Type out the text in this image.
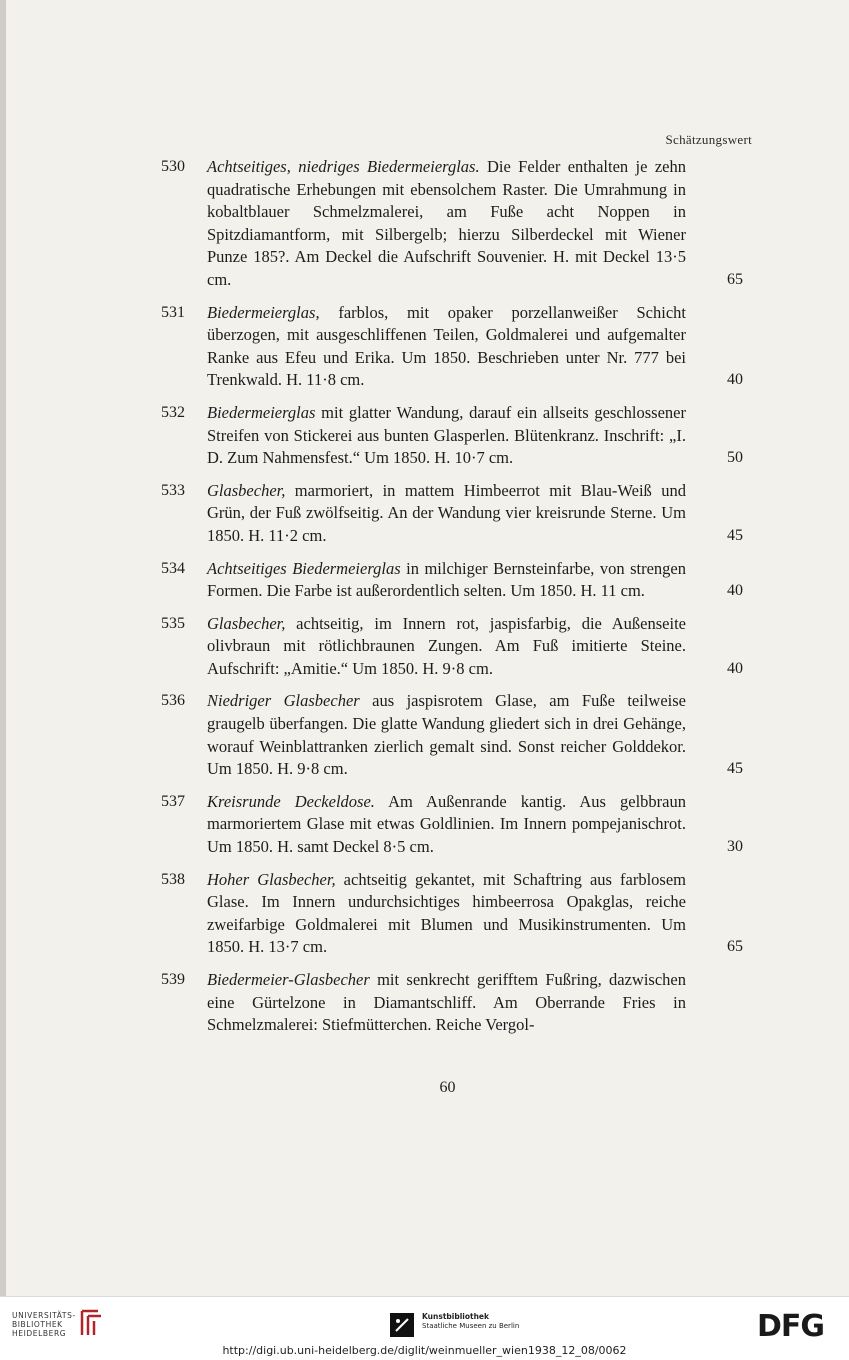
Schätzungswert
530 Achtseitiges, niedriges Biedermeierglas. Die Felder enthalten je zehn quadratische Erhebungen mit ebensolchem Raster. Die Umrahmung in kobaltblauer Schmelzmalerei, am Fuße acht Noppen in Spitzdiamantform, mit Silbergelb; hierzu Silberdeckel mit Wiener Punze 185?. Am Deckel die Aufschrift Souvenier. H. mit Deckel 13·5 cm.	65
531 Biedermeierglas, farblos, mit opaker porzellanweißer Schicht überzogen, mit ausgeschliffenen Teilen, Goldmalerei und aufgemalter Ranke aus Efeu und Erika. Um 1850. Beschrieben unter Nr. 777 bei Trenkwald. H. 11·8 cm.	40
532 Biedermeierglas mit glatter Wandung, darauf ein allseits geschlossener Streifen von Stickerei aus bunten Glasperlen. Blütenkranz. Inschrift: „I. D. Zum Nahmensfest.“ Um 1850. H. 10·7 cm.	50
533 Glasbecher, marmoriert, in mattem Himbeerrot mit Blau-Weiß und Grün, der Fuß zwölfseitig. An der Wandung vier kreisrunde Sterne. Um 1850. H. 11·2 cm.	45
534 Achtseitiges Biedermeierglas in milchiger Bernsteinfarbe, von strengen Formen. Die Farbe ist außerordentlich selten. Um 1850. H. 11 cm.	40
535 Glasbecher, achtseitig, im Innern rot, jaspisfarbig, die Außenseite olivbraun mit rötlichbraunen Zungen. Am Fuß imitierte Steine. Aufschrift: „Amitie.“ Um 1850. H. 9·8 cm.	40
536 Niedriger Glasbecher aus jaspisrotem Glase, am Fuße teilweise graugelb überfangen. Die glatte Wandung gliedert sich in drei Gehänge, worauf Weinblattranken zierlich gemalt sind. Sonst reicher Golddekor. Um 1850. H. 9·8 cm.	45
537 Kreisrunde Deckeldose. Am Außenrande kantig. Aus gelbbraun marmoriertem Glase mit etwas Goldlinien. Im Innern pompejanischrot. Um 1850. H. samt Deckel 8·5 cm.	30
538 Hoher Glasbecher, achtseitig gekantet, mit Schaftring aus farblosem Glase. Im Innern undurchsichtiges himbeerrosa Opakglas, reiche zweifarbige Goldmalerei mit Blumen und Musikinstrumenten. Um 1850. H. 13·7 cm.	65
539 Biedermeier-Glasbecher mit senkrecht gerifftem Fußring, dazwischen eine Gürtelzone in Diamantschliff. Am Oberrande Fries in Schmelzmalerei: Stiefmütterchen. Reiche Vergol-
60
UNIVERSITÄTS-
BIBLIOTHEK
HEIDELBERG
Kunstbibliothek
Staatliche Museen zu Berlin	DFG
http://digi.ub.uni-heidelberg.de/diglit/weinmueller_wien1938_12_08/0062
